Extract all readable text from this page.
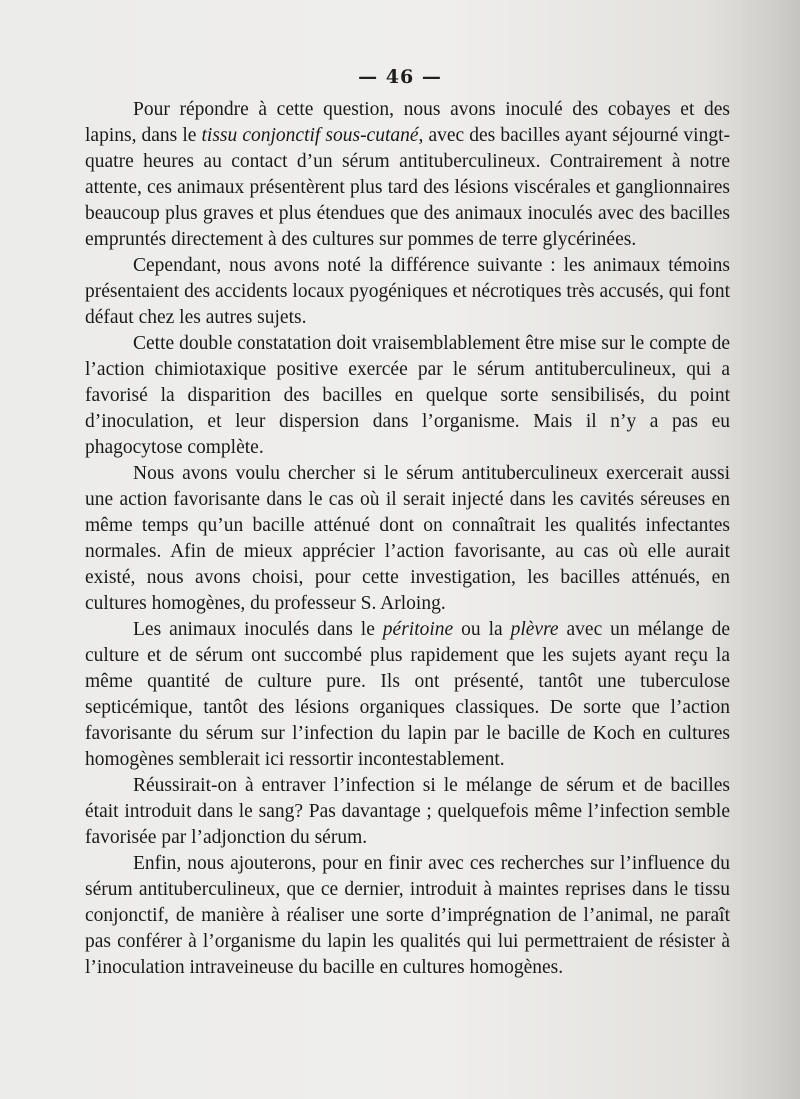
— 46 —

Pour répondre à cette question, nous avons inoculé des cobayes et des lapins, dans le tissu conjonctif sous-cutané, avec des bacilles ayant séjourné vingt-quatre heures au contact d’un sérum antituberculineux. Contrairement à notre attente, ces animaux présentèrent plus tard des lésions viscérales et ganglionnaires beaucoup plus graves et plus étendues que des animaux inoculés avec des bacilles empruntés directement à des cultures sur pommes de terre glycérinées.

Cependant, nous avons noté la différence suivante : les animaux témoins présentaient des accidents locaux pyogéniques et nécrotiques très accusés, qui font défaut chez les autres sujets.

Cette double constatation doit vraisemblablement être mise sur le compte de l’action chimiotaxique positive exercée par le sérum antituberculineux, qui a favorisé la disparition des bacilles en quelque sorte sensibilisés, du point d’inoculation, et leur dispersion dans l’organisme. Mais il n’y a pas eu phagocytose complète.

Nous avons voulu chercher si le sérum antituberculineux exercerait aussi une action favorisante dans le cas où il serait injecté dans les cavités séreuses en même temps qu’un bacille atténué dont on connaîtrait les qualités infectantes normales. Afin de mieux apprécier l’action favorisante, au cas où elle aurait existé, nous avons choisi, pour cette investigation, les bacilles atténués, en cultures homogènes, du professeur S. Arloing.

Les animaux inoculés dans le péritoine ou la plèvre avec un mélange de culture et de sérum ont succombé plus rapidement que les sujets ayant reçu la même quantité de culture pure. Ils ont présenté, tantôt une tuberculose septicémique, tantôt des lésions organiques classiques. De sorte que l’action favorisante du sérum sur l’infection du lapin par le bacille de Koch en cultures homogènes semblerait ici ressortir incontestablement.

Réussirait-on à entraver l’infection si le mélange de sérum et de bacilles était introduit dans le sang? Pas davantage ; quelquefois même l’infection semble favorisée par l’adjonction du sérum.

Enfin, nous ajouterons, pour en finir avec ces recherches sur l’influence du sérum antituberculineux, que ce dernier, introduit à maintes reprises dans le tissu conjonctif, de manière à réaliser une sorte d’imprégnation de l’animal, ne paraît pas conférer à l’organisme du lapin les qualités qui lui permettraient de résister à l’inoculation intraveineuse du bacille en cultures homogènes.
